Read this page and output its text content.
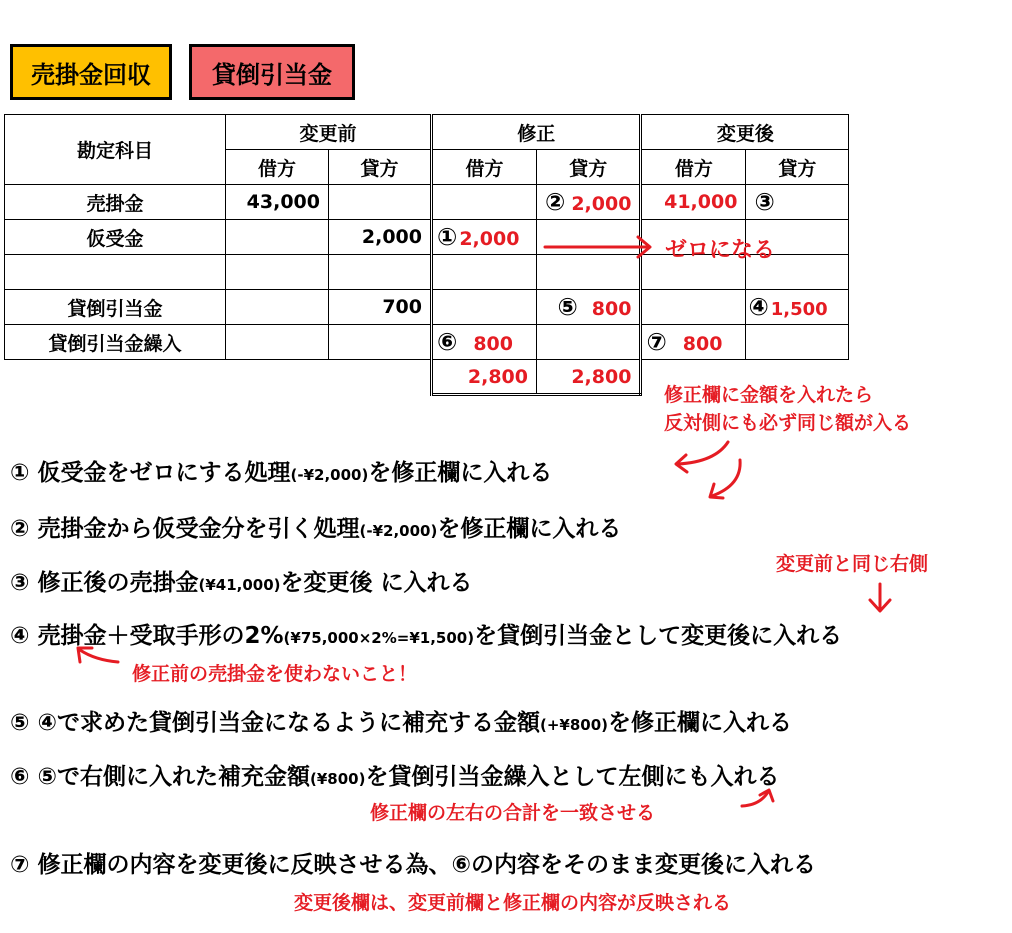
売掛金回収	貸倒引当金
勘定科目	変更前		修正		変更後	
	借方	貸方	借方	貸方	借方	貸方
売掛金	43,000			② 2,000	41,000	③
仮受金		2,000	① 2,000			

貸倒引当金		700		⑤ 800		④ 1,500
貸倒引当金繰入			⑥ 800		⑦ 800	
			2,800	2,800		
ゼロになる
修正欄に金額を入れたら
反対側にも必ず同じ額が入る
① 仮受金をゼロにする処理(-¥2,000)を修正欄に入れる
② 売掛金から仮受金分を引く処理(-¥2,000)を修正欄に入れる
変更前と同じ右側
③ 修正後の売掛金(¥41,000)を変更後 に入れる
④ 売掛金＋受取手形の2%(¥75,000×2%=¥1,500)を貸倒引当金として変更後に入れる
修正前の売掛金を使わないこと！
⑤ ④で求めた貸倒引当金になるように補充する金額(+¥800)を修正欄に入れる
⑥ ⑤で右側に入れた補充金額(¥800)を貸倒引当金繰入として左側にも入れる
修正欄の左右の合計を一致させる
⑦ 修正欄の内容を変更後に反映させる為、⑥の内容をそのまま変更後に入れる
変更後欄は、変更前欄と修正欄の内容が反映される
